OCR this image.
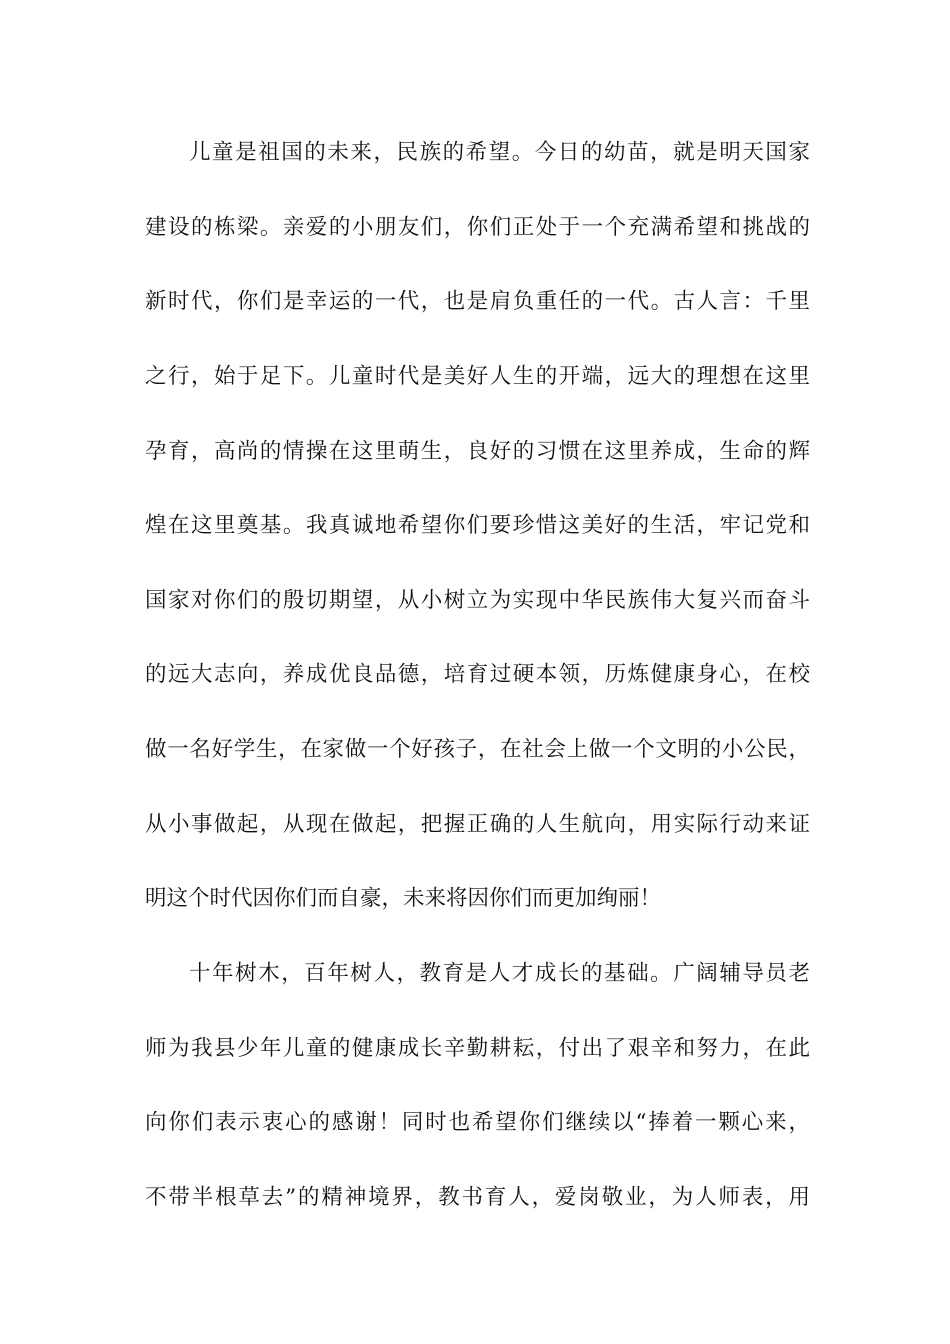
儿童是祖国的未来，民族的希望。今日的幼苗，就是明天国家
建设的栋梁。亲爱的小朋友们，你们正处于一个充满希望和挑战的
新时代，你们是幸运的一代，也是肩负重任的一代。古人言：千里
之行，始于足下。儿童时代是美好人生的开端，远大的理想在这里
孕育，高尚的情操在这里萌生，良好的习惯在这里养成，生命的辉
煌在这里奠基。我真诚地希望你们要珍惜这美好的生活，牢记党和
国家对你们的殷切期望，从小树立为实现中华民族伟大复兴而奋斗
的远大志向，养成优良品德，培育过硬本领，历炼健康身心，在校
做一名好学生，在家做一个好孩子，在社会上做一个文明的小公民，
从小事做起，从现在做起，把握正确的人生航向，用实际行动来证
明这个时代因你们而自豪，未来将因你们而更加绚丽！
十年树木，百年树人，教育是人才成长的基础。广阔辅导员老
师为我县少年儿童的健康成长辛勤耕耘，付出了艰辛和努力，在此
向你们表示衷心的感谢！同时也希望你们继续以“捧着一颗心来，
不带半根草去”的精神境界，教书育人，爱岗敬业，为人师表，用
